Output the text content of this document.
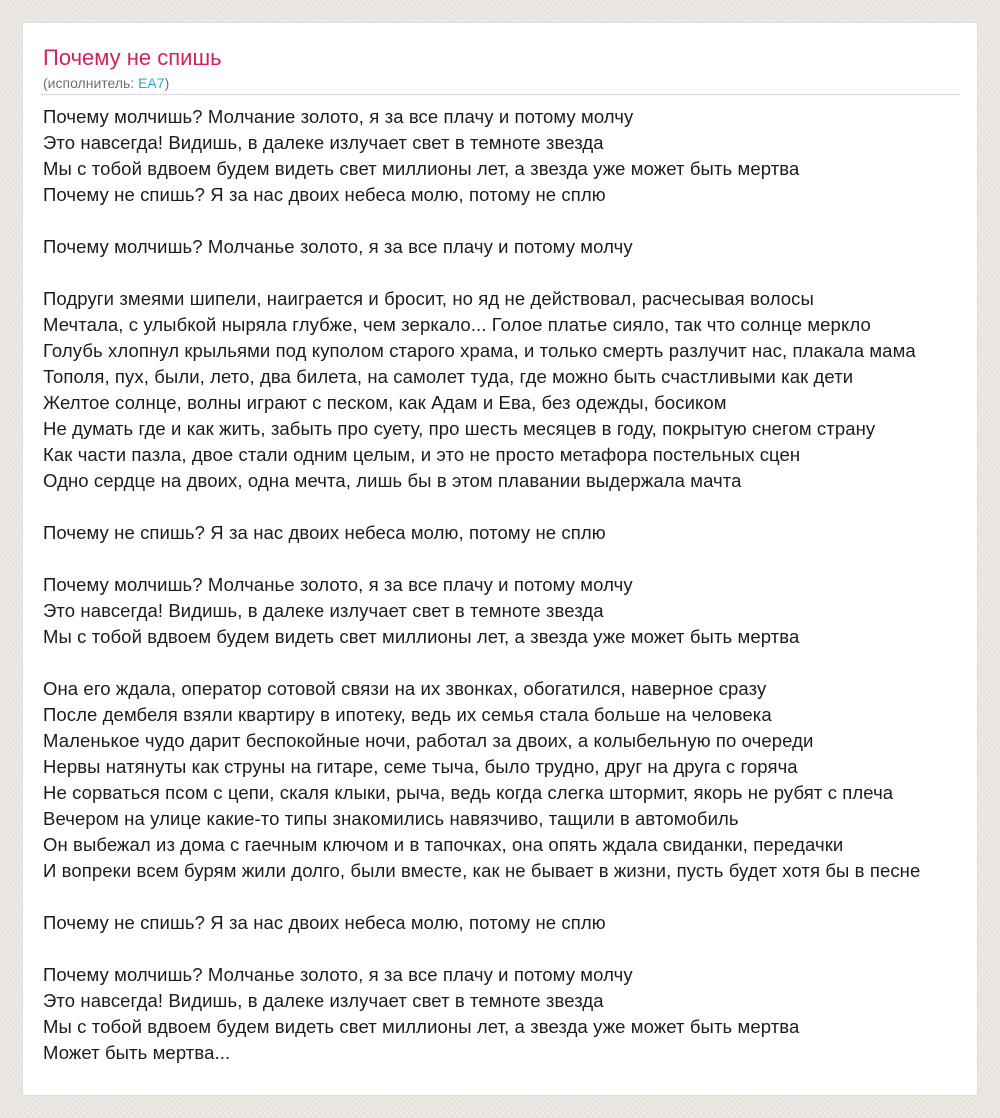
Почему не спишь
(исполнитель: EA7)
Почему молчишь? Молчание золото, я за все плачу и потому молчу
Это навсегда! Видишь, в далеке излучает свет в темноте звезда
Мы с тобой вдвоем будем видеть свет миллионы лет, а звезда уже может быть мертва
Почему не спишь? Я за нас двоих небеса молю, потому не сплю
Почему молчишь? Молчанье золото, я за все плачу и потому молчу
Подруги змеями шипели, наиграется и бросит, но яд не действовал, расчесывая волосы
Мечтала, с улыбкой ныряла глубже, чем зеркало... Голое платье сияло, так что солнце меркло
Голубь хлопнул крыльями под куполом старого храма, и только смерть разлучит нас, плакала мама
Тополя, пух, были, лето, два билета, на самолет туда, где можно быть счастливыми как дети
Желтое солнце, волны играют с песком, как Адам и Ева, без одежды, босиком
Не думать где и как жить, забыть про суету, про шесть месяцев в году, покрытую снегом страну
Как части пазла, двое стали одним целым, и это не просто метафора постельных сцен
Одно сердце на двоих, одна мечта, лишь бы в этом плавании выдержала мачта
Почему не спишь? Я за нас двоих небеса молю, потому не сплю
Почему молчишь? Молчанье золото, я за все плачу и потому молчу
Это навсегда! Видишь, в далеке излучает свет в темноте звезда
Мы с тобой вдвоем будем видеть свет миллионы лет, а звезда уже может быть мертва
Она его ждала, оператор сотовой связи на их звонках, обогатился, наверное сразу
После дембеля взяли квартиру в ипотеку, ведь их семья стала больше на человека
Маленькое чудо дарит беспокойные ночи, работал за двоих, а колыбельную по очереди
Нервы натянуты как струны на гитаре, семе тыча, было трудно, друг на друга с горяча
Не сорваться псом с цепи, скаля клыки, рыча, ведь когда слегка штормит, якорь не рубят с плеча
Вечером на улице какие-то типы знакомились навязчиво, тащили в автомобиль
Он выбежал из дома с гаечным ключом и в тапочках, она опять ждала свиданки, передачки
И вопреки всем бурям жили долго, были вместе, как не бывает в жизни, пусть будет хотя бы в песне
Почему не спишь? Я за нас двоих небеса молю, потому не сплю
Почему молчишь? Молчанье золото, я за все плачу и потому молчу
Это навсегда! Видишь, в далеке излучает свет в темноте звезда
Мы с тобой вдвоем будем видеть свет миллионы лет, а звезда уже может быть мертва
Может быть мертва...
